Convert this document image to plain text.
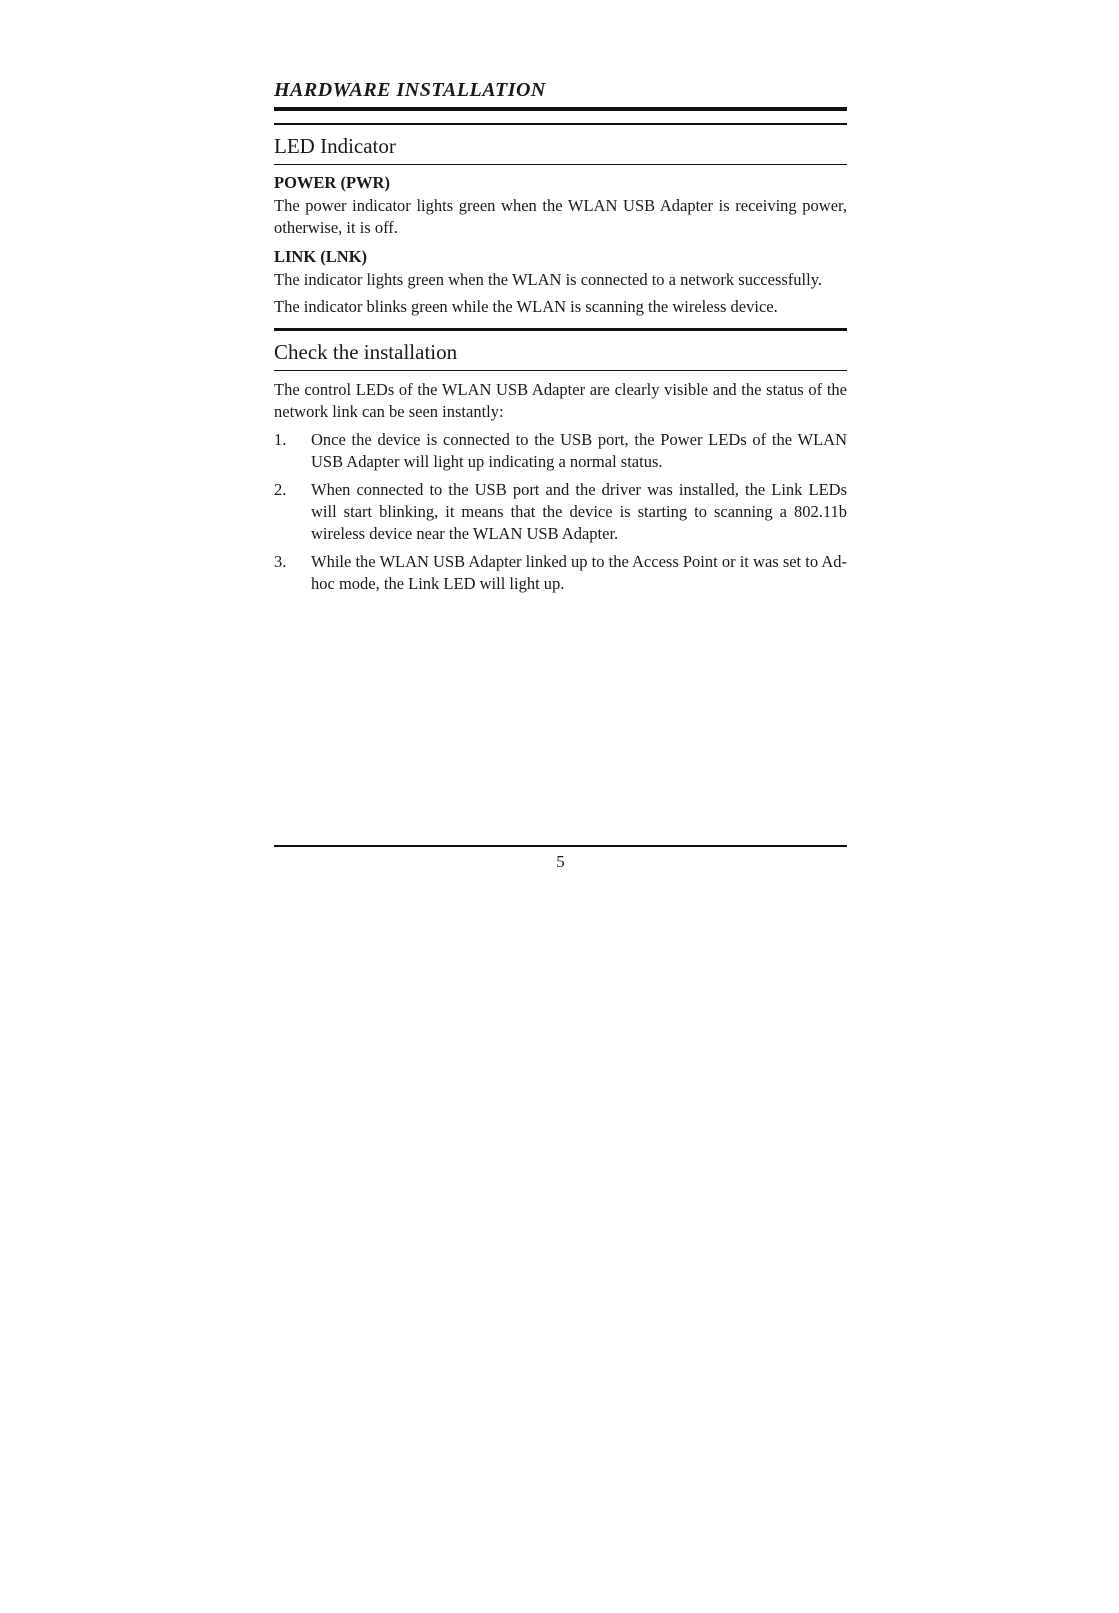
HARDWARE INSTALLATION
LED Indicator
POWER (PWR)

The power indicator lights green when the WLAN USB Adapter is receiving power, otherwise, it is off.

LINK (LNK)

The indicator lights green when the WLAN is connected to a network successfully.

The indicator blinks green while the WLAN is scanning the wireless device.

Check the installation

The control LEDs of the WLAN USB Adapter are clearly visible and the status of the network link can be seen instantly:

1.	Once the device is connected to the USB port, the Power LEDs of the WLAN USB Adapter will light up indicating a normal status.
2.	When connected to the USB port and the driver was installed, the Link LEDs will start blinking, it means that the device is starting to scanning a 802.11b wireless device near the WLAN USB Adapter.
3.	While the WLAN USB Adapter linked up to the Access Point or it was set to Ad-hoc mode, the Link LED will light up.
5
